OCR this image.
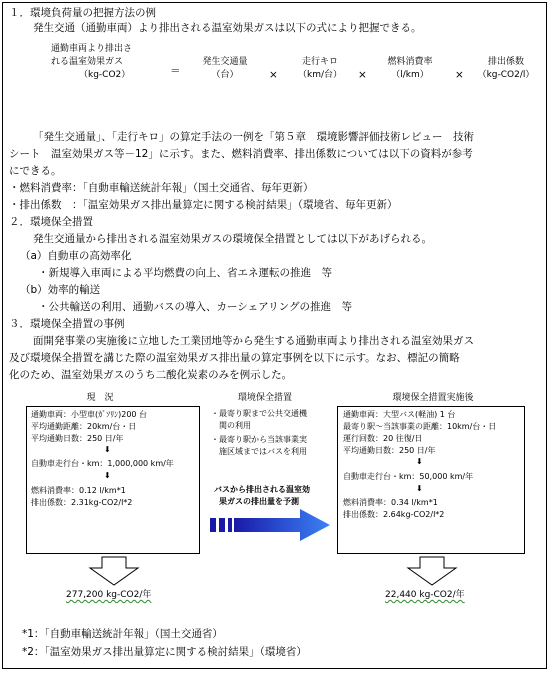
１．環境負荷量の把握方法の例
発生交通（通勤車両）より排出される温室効果ガスは以下の式により把握できる。
通勤車両より排出さ
れる温室効果ガス
（kg-CO2）	＝
発生交通量
（台）	×
走行キロ
（km/台）	×
燃料消費率
（l/km）	×
排出係数
（kg-CO2/l）
「発生交通量」、「走行キロ」の算定手法の一例を「第５章　環境影響評価技術レビュー　技術
シート　温室効果ガス等－12」に示す。また、燃料消費率、排出係数については以下の資料が参考
にできる。
・燃料消費率：「自動車輸送統計年報」（国土交通省、毎年更新）
・排出係数　：「温室効果ガス排出量算定に関する検討結果」（環境省、毎年更新）
２．環境保全措置
発生交通量から排出される温室効果ガスの環境保全措置としては以下があげられる。
（a）自動車の高効率化
・新規導入車両による平均燃費の向上、省エネ運転の推進　等
（b）効率的輸送
・公共輸送の利用、通勤バスの導入、カーシェアリングの推進　等
３．環境保全措置の事例
面開発事業の実施後に立地した工業団地等から発生する通勤車両より排出される温室効果ガス
及び環境保全措置を講じた際の温室効果ガス排出量の算定事例を以下に示す。なお、標記の簡略
化のため、温室効果ガスのうち二酸化炭素のみを例示した。
現　況	環境保全措置	環境保全措置実施後
通勤車両：小型車(ｶﾞｿﾘﾝ)200 台
平均通勤距離：20km/台・日
平均通勤日数：250 日/年
⬇
自動車走行台・km：1,000,000 km/年
⬇
燃料消費率：0.12 l/km*1
排出係数：2.31kg-CO2/l*2
・最寄り駅まで公共交通機
関の利用
・最寄り駅から当該事業実
施区域まではバスを利用
バスから排出される温室効
果ガスの排出量を予測
通勤車両：大型バス(軽油) 1 台
最寄り駅～当該事業の距離：10km/台・日
運行回数：20 往復/日
平均通勤日数：250 日/年
⬇
自動車走行台・km：50,000 km/年
⬇
燃料消費率：0.34 l/km*1
排出係数：2.64kg-CO2/l*2
277,200 kg-CO2/年	22,440 kg-CO2/年
*1：「自動車輸送統計年報」（国土交通省）
*2：「温室効果ガス排出量算定に関する検討結果」（環境省）
